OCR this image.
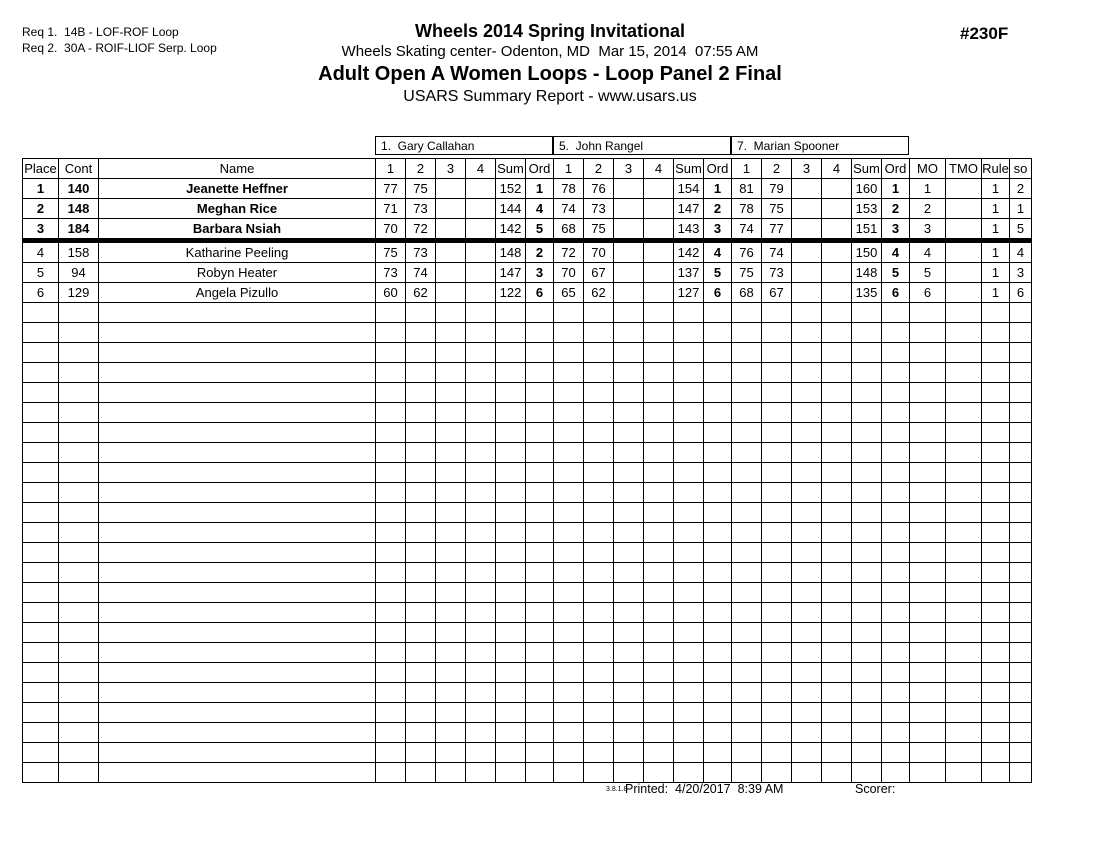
Req 1.  14B - LOF-ROF Loop
Req 2.  30A - ROIF-LIOF Serp. Loop
Wheels 2014 Spring Invitational
Wheels Skating center- Odenton, MD  Mar 15, 2014  07:55 AM
Adult Open A Women Loops - Loop Panel 2 Final
USARS Summary Report - www.usars.us
#230F
1.  Gary Callahan	5.  John Rangel	7.  Marian Spooner
Place	Cont	Name	1	2	3	4	Sum	Ord	1	2	3	4	Sum	Ord	1	2	3	4	Sum	Ord	MO	TMO	Rule	so
1	140	Jeanette Heffner	77	75			152	1	78	76			154	1	81	79			160	1	1		1	2
2	148	Meghan Rice	71	73			144	4	74	73			147	2	78	75			153	2	2		1	1
3	184	Barbara Nsiah	70	72			142	5	68	75			143	3	74	77			151	3	3		1	5
4	158	Katharine Peeling	75	73			148	2	72	70			142	4	76	74			150	4	4		1	4
5	94	Robyn Heater	73	74			147	3	70	67			137	5	75	73			148	5	5		1	3
6	129	Angela Pizullo	60	62			122	6	65	62			127	6	68	67			135	6	6		1	6

3.8.1.8
Printed:  4/20/2017  8:39 AM	Scorer:
